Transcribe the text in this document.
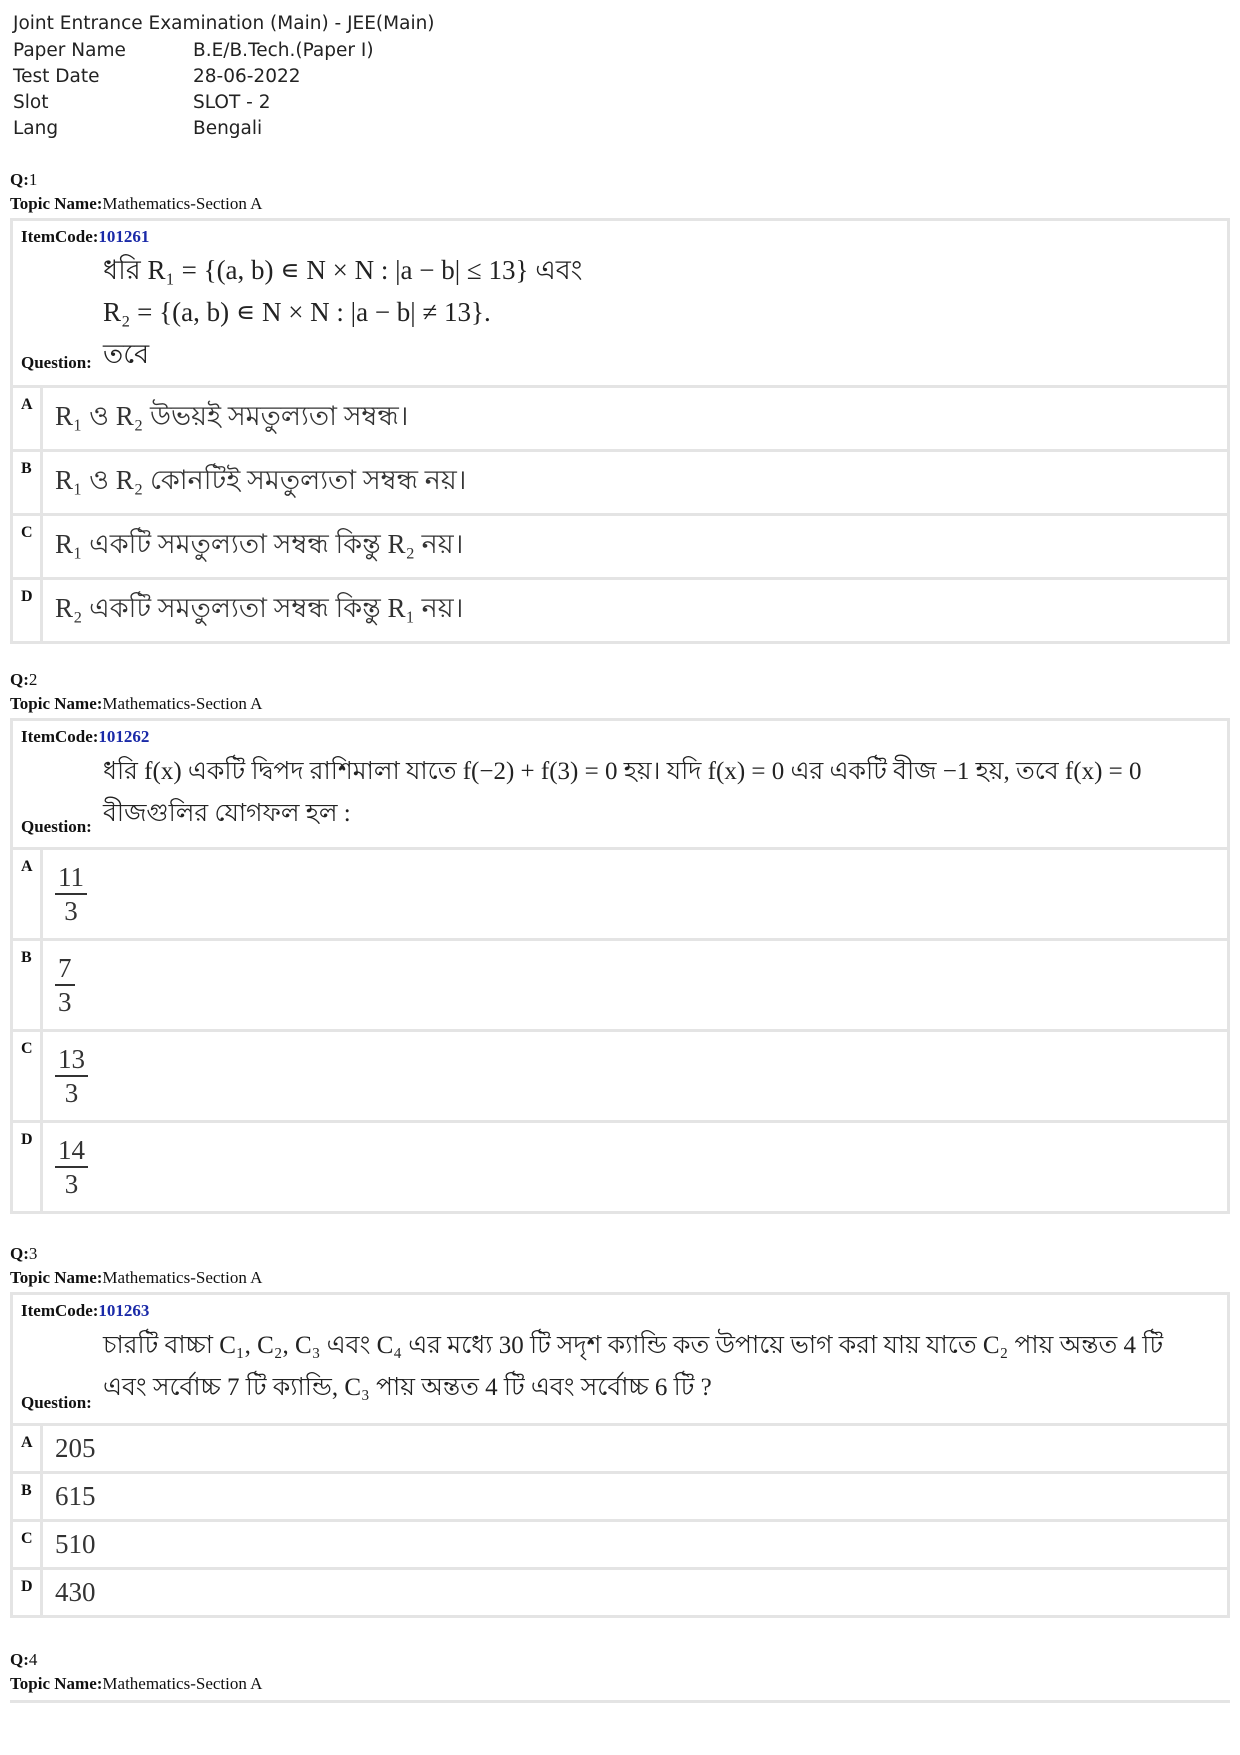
Joint Entrance Examination (Main) - JEE(Main)
Paper Name	B.E/B.Tech.(Paper I)
Test Date	28-06-2022
Slot	SLOT - 2
Lang	Bengali
Q:1
Topic Name:Mathematics-Section A
ItemCode:101261
ধরি R₁ = {(a, b) ∊ N × N : |a − b| ≤ 13} এবং
R₂ = {(a, b) ∊ N × N : |a − b| ≠ 13}.
তবে
Question:
A R₁ ও R₂ উভয়ই সমতুল্যতা সম্বন্ধ।
B R₁ ও R₂ কোনটিই সমতুল্যতা সম্বন্ধ নয়।
C R₁ একটি সমতুল্যতা সম্বন্ধ কিন্তু R₂ নয়।
D R₂ একটি সমতুল্যতা সম্বন্ধ কিন্তু R₁ নয়।
Q:2
Topic Name:Mathematics-Section A
ItemCode:101262
ধরি f(x) একটি দ্বিপদ রাশিমালা যাতে f(−2) + f(3) = 0 হয়। যদি f(x) = 0 এর একটি বীজ −1 হয়, তবে f(x) = 0
বীজগুলির যোগফল হল :
Question:
A $\frac{11}{3}$
B $\frac{7}{3}$
C $\frac{13}{3}$
D $\frac{14}{3}$
Q:3
Topic Name:Mathematics-Section A
ItemCode:101263
চারটি বাচ্চা C₁, C₂, C₃ এবং C₄ এর মধ্যে 30 টি সদৃশ ক্যান্ডি কত উপায়ে ভাগ করা যায় যাতে C₂ পায় অন্তত 4 টি
এবং সর্বোচ্চ 7 টি ক্যান্ডি, C₃ পায় অন্তত 4 টি এবং সর্বোচ্চ 6 টি ?
Question:
A 205
B 615
C 510
D 430
Q:4
Topic Name:Mathematics-Section A
